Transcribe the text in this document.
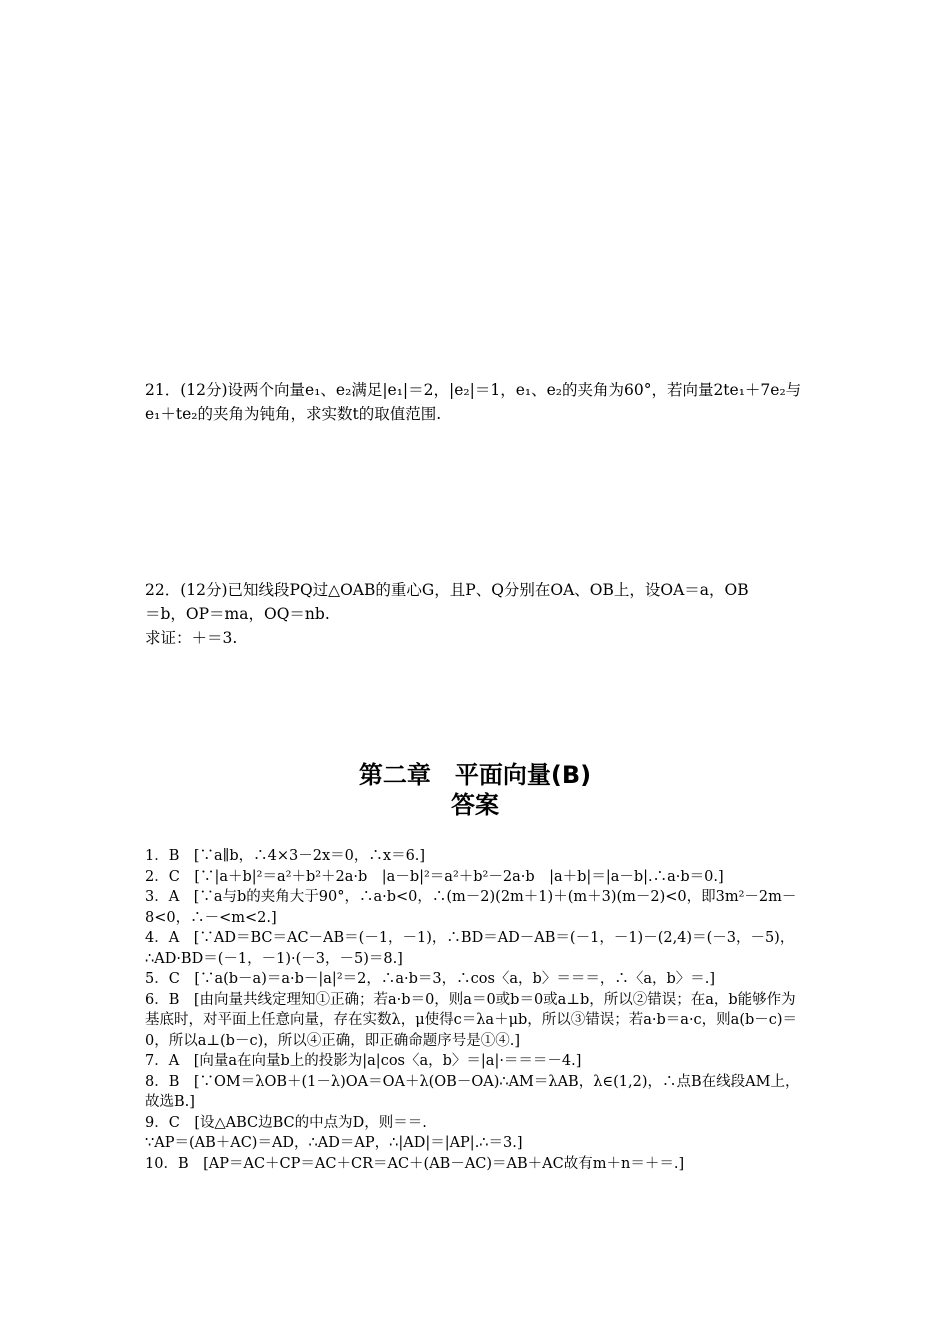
21．(12分)设两个向量e₁、e₂满足|e₁|＝2，|e₂|＝1，e₁、e₂的夹角为60°，若向量2te₁＋7e₂与
e₁＋te₂的夹角为钝角，求实数t的取值范围.
22．(12分)已知线段PQ过△OAB的重心G，且P、Q分别在OA、OB上，设OA＝a，OB
＝b，OP＝ma，OQ＝nb.
求证：＋＝3.
第二章　平面向量(B)
答案
1．B　[∵a∥b，∴4×3－2x＝0，∴x＝6.]
2．C　[∵|a＋b|²＝a²＋b²＋2a·b　|a－b|²＝a²＋b²－2a·b　|a＋b|＝|a－b|.∴a·b＝0.]
3．A　[∵a与b的夹角大于90°，∴a·b<0，∴(m－2)(2m＋1)＋(m＋3)(m－2)<0，即3m²－2m－8<0，∴－<m<2.]
4．A　[∵AD＝BC＝AC－AB＝(－1，－1)，∴BD＝AD－AB＝(－1，－1)－(2,4)＝(－3，－5)，
∴AD·BD＝(－1，－1)·(－3，－5)＝8.]
5．C　[∵a(b－a)＝a·b－|a|²＝2，∴a·b＝3，∴cos〈a，b〉＝＝＝，∴〈a，b〉＝.]
6．B　[由向量共线定理知①正确；若a·b＝0，则a＝0或b＝0或a⊥b，所以②错误；在a，b能够作为基底时，对平面上任意向量，存在实数λ，μ使得c＝λa＋μb，所以③错误；若a·b＝a·c，则a(b－c)＝0，所以a⊥(b－c)，所以④正确，即正确命题序号是①④.]
7．A　[向量a在向量b上的投影为|a|cos〈a，b〉＝|a|·＝＝＝－4.]
8．B　[∵OM＝λOB＋(1－λ)OA＝OA＋λ(OB－OA)∴AM＝λAB，λ∈(1,2)，∴点B在线段AM上，故选B.]
9．C　[设△ABC边BC的中点为D，则＝＝.
∵AP＝(AB＋AC)＝AD，∴AD＝AP，∴|AD|＝|AP|.∴＝3.]
10．B　[AP＝AC＋CP＝AC＋CR＝AC＋(AB－AC)＝AB＋AC故有m＋n＝＋＝.]
